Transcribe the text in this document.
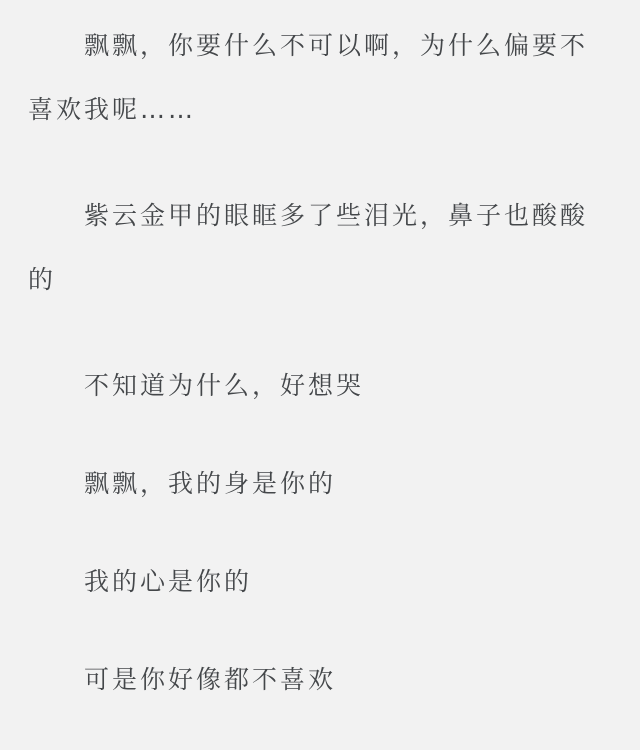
飘飘，你要什么不可以啊，为什么偏要不喜欢我呢……

紫云金甲的眼眶多了些泪光，鼻子也酸酸的

不知道为什么，好想哭

飘飘，我的身是你的

我的心是你的

可是你好像都不喜欢
